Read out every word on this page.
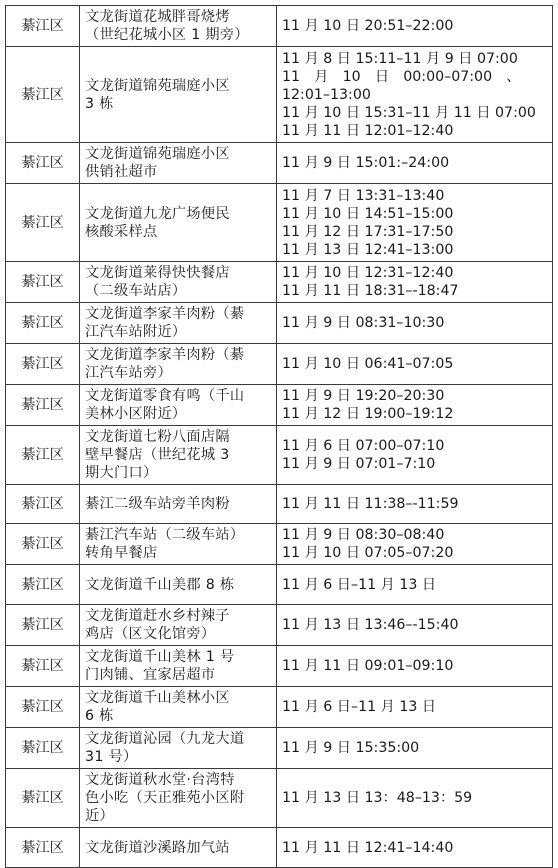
綦江区	文龙街道花城胖哥烧烤
（世纪花城小区 1 期旁）	11 月 10 日 20:51–22:00

綦江区	文龙街道锦苑瑞庭小区
3 栋	11 月 8 日 15:11–11 月 9 日 07:00
11　月　10　日　00:00–07:00　、
12:01–13:00
11 月 10 日 15:31–11 月 11 日 07:00
11 月 11 日 12:01–12:40

綦江区	文龙街道锦苑瑞庭小区
供销社超市	11 月 9 日 15:01:–24:00

綦江区	文龙街道九龙广场便民
核酸采样点	11 月 7 日 13:31–13:40
11 月 10 日 14:51–15:00
11 月 12 日 17:31–17:50
11 月 13 日 12:41–13:00

綦江区	文龙街道莱得快快餐店
（二级车站店）	11 月 10 日 12:31–12:40
11 月 11 日 18:31–-18:47

綦江区	文龙街道李家羊肉粉（綦
江汽车站附近）	11 月 9 日 08:31–10:30

綦江区	文龙街道李家羊肉粉（綦
江汽车站旁）	11 月 10 日 06:41–07:05

綦江区	文龙街道零食有鸣（千山
美林小区附近）	11 月 9 日 19:20–20:30
11 月 12 日 19:00–19:12

綦江区	文龙街道七粉八面店隔
壁早餐店（世纪花城 3
期大门口）	11 月 6 日 07:00–07:10
11 月 9 日 07:01–7:10

綦江区	綦江二级车站旁羊肉粉	11 月 11 日 11:38–-11:59

綦江区	綦江汽车站（二级车站）
转角早餐店	11 月 9 日 08:30–08:40
11 月 10 日 07:05–07:20

綦江区	文龙街道千山美郡 8 栋	11 月 6 日–11 月 13 日

綦江区	文龙街道赶水乡村辣子
鸡店（区文化馆旁）	11 月 13 日 13:46–-15:40

綦江区	文龙街道千山美林 1 号
门肉铺、宜家居超市	11 月 11 日 09:01–09:10

綦江区	文龙街道千山美林小区
6 栋	11 月 6 日–11 月 13 日

綦江区	文龙街道沁园（九龙大道
31 号）	11 月 9 日 15:35:00

綦江区	文龙街道秋水堂·台湾特
色小吃（天正雅苑小区附
近）	11 月 13 日 13：48–13：59

綦江区	文龙街道沙溪路加气站	11 月 11 日 12:41–14:40
